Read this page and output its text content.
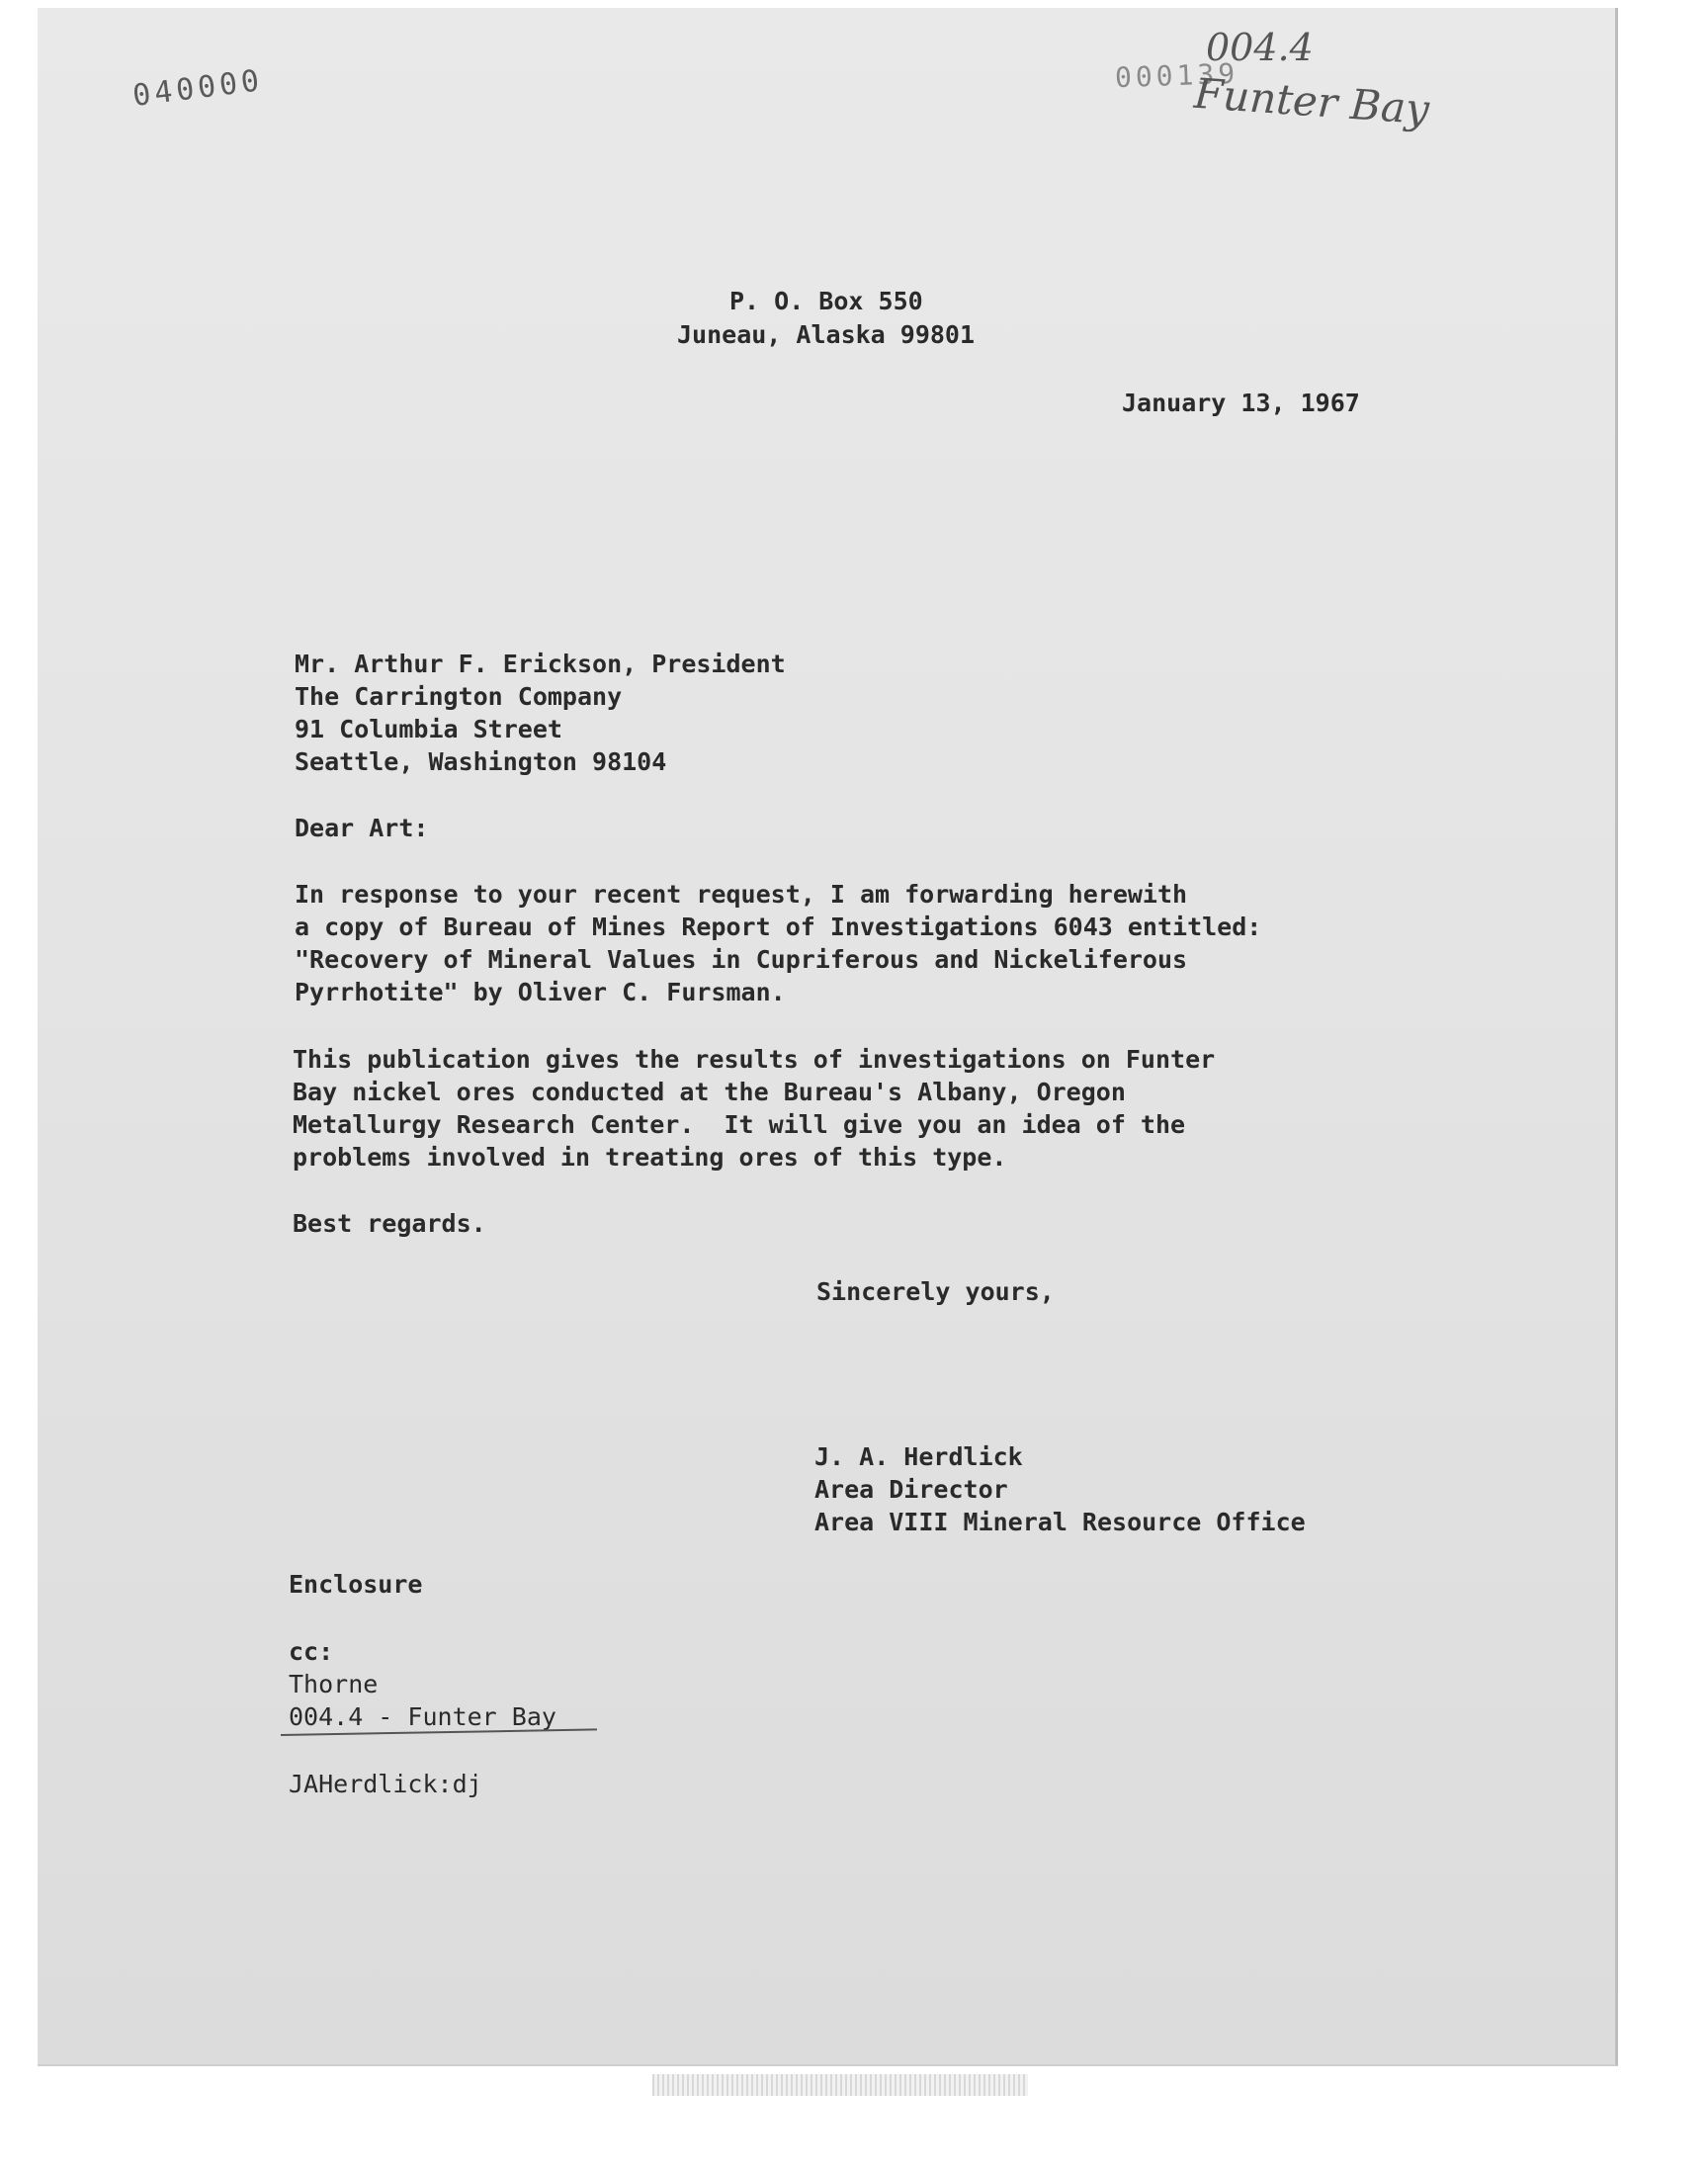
040000	000139
004.4
Funter Bay
P. O. Box 550
Juneau, Alaska 99801
January 13, 1967
Mr. Arthur F. Erickson, President
The Carrington Company
91 Columbia Street
Seattle, Washington 98104
Dear Art:
In response to your recent request, I am forwarding herewith
a copy of Bureau of Mines Report of Investigations 6043 entitled:
"Recovery of Mineral Values in Cupriferous and Nickeliferous
Pyrrhotite" by Oliver C. Fursman.
This publication gives the results of investigations on Funter
Bay nickel ores conducted at the Bureau's Albany, Oregon
Metallurgy Research Center.  It will give you an idea of the
problems involved in treating ores of this type.
Best regards.
Sincerely yours,
J. A. Herdlick
Area Director
Area VIII Mineral Resource Office
Enclosure
cc:
Thorne
004.4 - Funter Bay
JAHerdlick:dj
